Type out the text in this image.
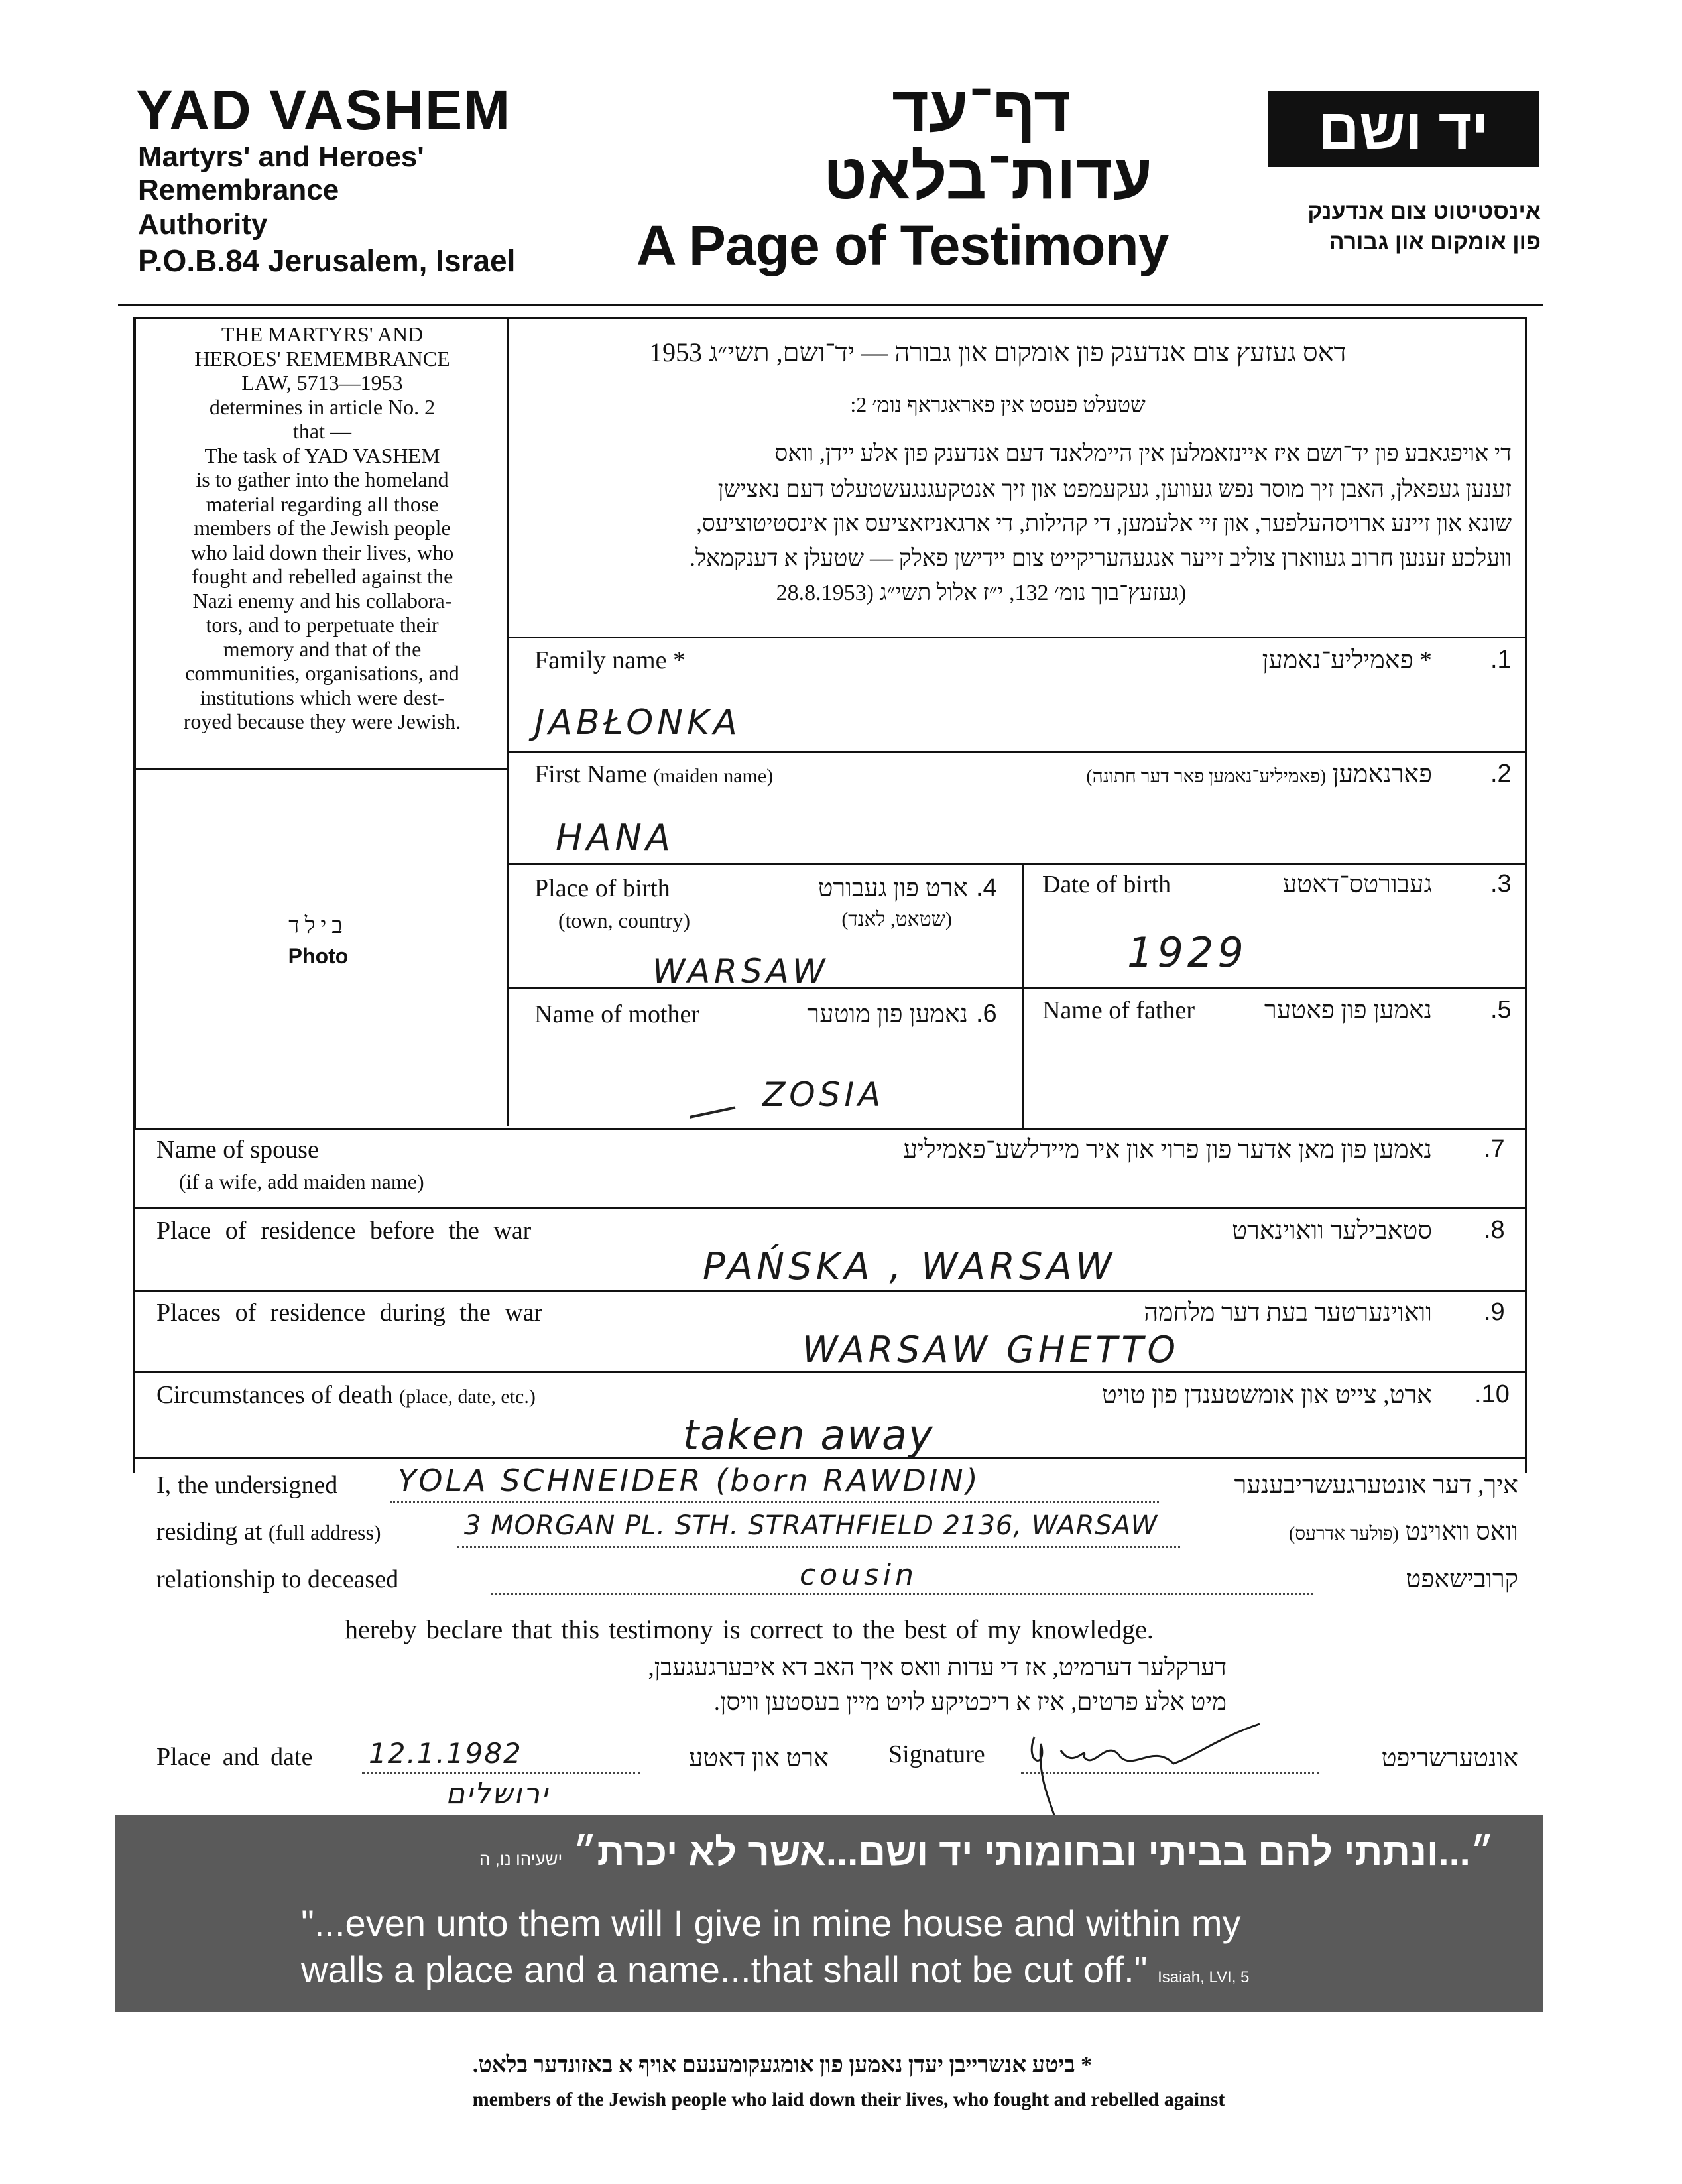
YAD VASHEM
Martyrs' and Heroes'
Remembrance
Authority
P.O.B.84 Jerusalem, Israel
דף־עד
עדות־בלאט
A Page of Testimony
יד ושם
אינסטיטוט צום אנדענק
פון אומקום און גבורה
THE MARTYRS' AND
HEROES' REMEMBRANCE
LAW, 5713—1953
determines in article No. 2
that —
The task of YAD VASHEM
is to gather into the homeland
material regarding all those
members of the Jewish people
who laid down their lives, who
fought and rebelled against the
Nazi enemy and his collabora-
tors, and to perpetuate their
memory and that of the
communities, organisations, and
institutions which were dest-
royed because they were Jewish.
בילד
Photo
דאס געזעץ צום אנדענק פון אומקום און גבורה — יד־ושם, תשי״ג 1953
שטעלט פעסט אין פאראגראף נומ׳ 2:
די אויפגאבע פון יד־ושם איז איינזאמלען אין היימלאנד דעם אנדענק פון אלע יידן, וואס
זענען געפאלן, האבן זיך מוסר נפש געווען, געקעמפט און זיך אנטקעגנגעשטעלט דעם נאצישן
שונא און זיינע ארויסהעלפער, און זיי אלעמען, די קהילות, די ארגאניזאציעס און אינסטיטוציעס,
וועלכע זענען חרוב געווארן צוליב זייער אנגעהעריקייט צום יידישן פאלק — שטעלן א דענקמאל.
(געזעץ־בוך נומ׳ 132, י״ז אלול תשי״ג (28.8.1953
Family name *	* פאמיליע־נאמען .1
JABŁONKA
First Name (maiden name)	פארנאמען (פאמיליע־נאמען פאר דער חתונה)	.2
HANA
Date of birth	געבורטס־דאטע .3
1929
Place of birth
(town, country)
ארט פון געבורט
(שטאט, לאנד)
.4
WARSAW
Name of father	נאמען פון פאטער .5
Name of mother	נאמען פון מוטער .6
ZOSIA
Name of spouse
(if a wife, add maiden name)
נאמען פון מאן אדער פון פרוי און איר מיידלשע־פאמיליע .7
Place of residence before the war	סטאבילער וואוינארט .8
PAŃSKA , WARSAW
Places of residence during the war	וואוינערטער בעת דער מלחמה .9
WARSAW GHETTO
Circumstances of death (place, date, etc.)	ארט, צייט און אומשטענדן פון טויט .10
taken away
I, the undersigned YOLA SCHNEIDER (born RAWDIN)	איך, דער אונטערגעשריבענער
residing at (full address)	3 MORGAN PL. STH. STRATHFIELD 2136, WARSAW	וואס וואוינט (פולער אדרעס)
relationship to deceased	cousin	קרובישאפט
hereby beclare that this testimony is correct to the best of my knowledge.
דערקלער דערמיט, אז די עדות וואס איך האב דא איבערגעגעבן,
מיט אלע פרטים, איז א ריכטיקע לויט מיין בעסטען וויסן.
Place and date 12.1.1982	ארט און דאטע
ירושלים
Signature	אונטערשריפט
״...ונתתי להם בביתי ובחומותי יד ושם...אשר לא יכרת״ ישעיהו נו, ה
"...even unto them will I give in mine house and within my
walls a place and a name...that shall not be cut off." Isaiah, LVI, 5
* ביטע אנשרייבן יעדן נאמען פון אומגעקומענעם אויף א באזונדער בלאט.
members of the Jewish people who laid down their lives, who fought and rebelled against
